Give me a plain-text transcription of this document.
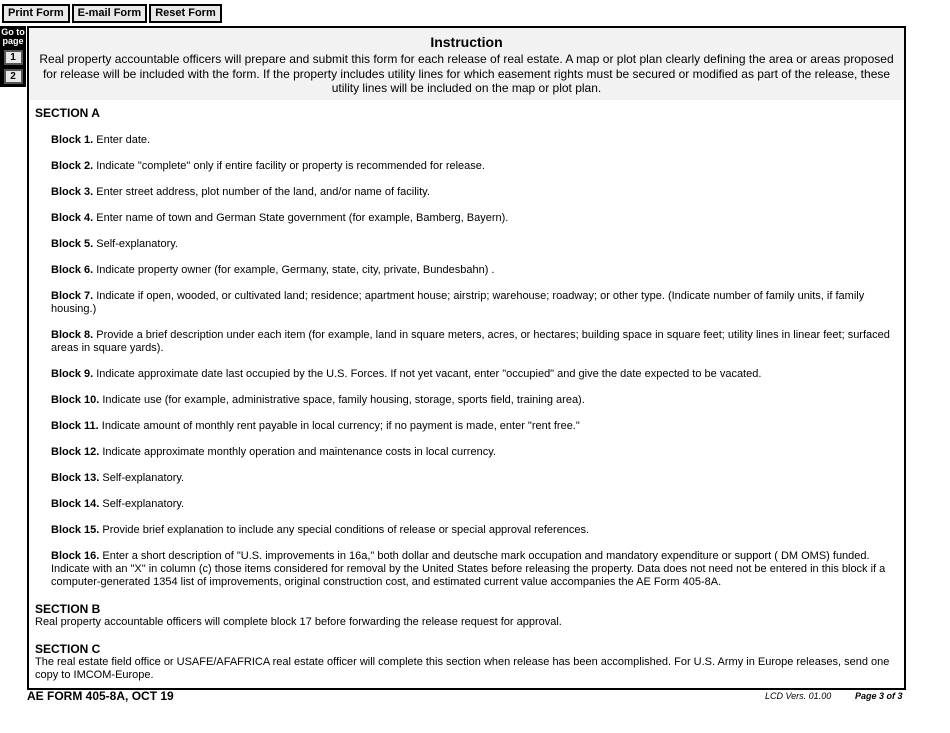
Print Form	E-mail Form	Reset Form
Go to page
1
2
Instruction
Real property accountable officers will prepare and submit this form for each release of real estate. A map or plot plan clearly defining the area or areas proposed for release will be included with the form. If the property includes utility lines for which easement rights must be secured or modified as part of the release, these utility lines will be included on the map or plot plan.
SECTION A
Block 1. Enter date.
Block 2. Indicate "complete" only if entire facility or property is recommended for release.
Block 3. Enter street address, plot number of the land, and/or name of facility.
Block 4. Enter name of town and German State government (for example, Bamberg, Bayern).
Block 5. Self-explanatory.
Block 6. Indicate property owner (for example, Germany, state, city, private, Bundesbahn) .
Block 7. Indicate if open, wooded, or cultivated land; residence; apartment house; airstrip; warehouse; roadway; or other type. (Indicate number of family units, if family housing.)
Block 8. Provide a brief description under each item (for example, land in square meters, acres, or hectares; building space in square feet; utility lines in linear feet; surfaced areas in square yards).
Block 9. Indicate approximate date last occupied by the U.S. Forces. If not yet vacant, enter "occupied" and give the date expected to be vacated.
Block 10. Indicate use (for example, administrative space, family housing, storage, sports field, training area).
Block 11. Indicate amount of monthly rent payable in local currency; if no payment is made, enter "rent free."
Block 12. Indicate approximate monthly operation and maintenance costs in local currency.
Block 13. Self-explanatory.
Block 14. Self-explanatory.
Block 15. Provide brief explanation to include any special conditions of release or special approval references.
Block 16. Enter a short description of "U.S. improvements in 16a," both dollar and deutsche mark occupation and mandatory expenditure or support ( DM OMS) funded. Indicate with an "X" in column (c) those items considered for removal by the United States before releasing the property. Data does not need not be entered in this block if a computer-generated 1354 list of improvements, original construction cost, and estimated current value accompanies the AE Form 405-8A.
SECTION B
Real property accountable officers will complete block 17 before forwarding the release request for approval.
SECTION C
The real estate field office or USAFE/AFAFRICA real estate officer will complete this section when release has been accomplished. For U.S. Army in Europe releases, send one copy to IMCOM-Europe.
AE FORM 405-8A, OCT 19	LCD Vers. 01.00	Page 3 of 3
